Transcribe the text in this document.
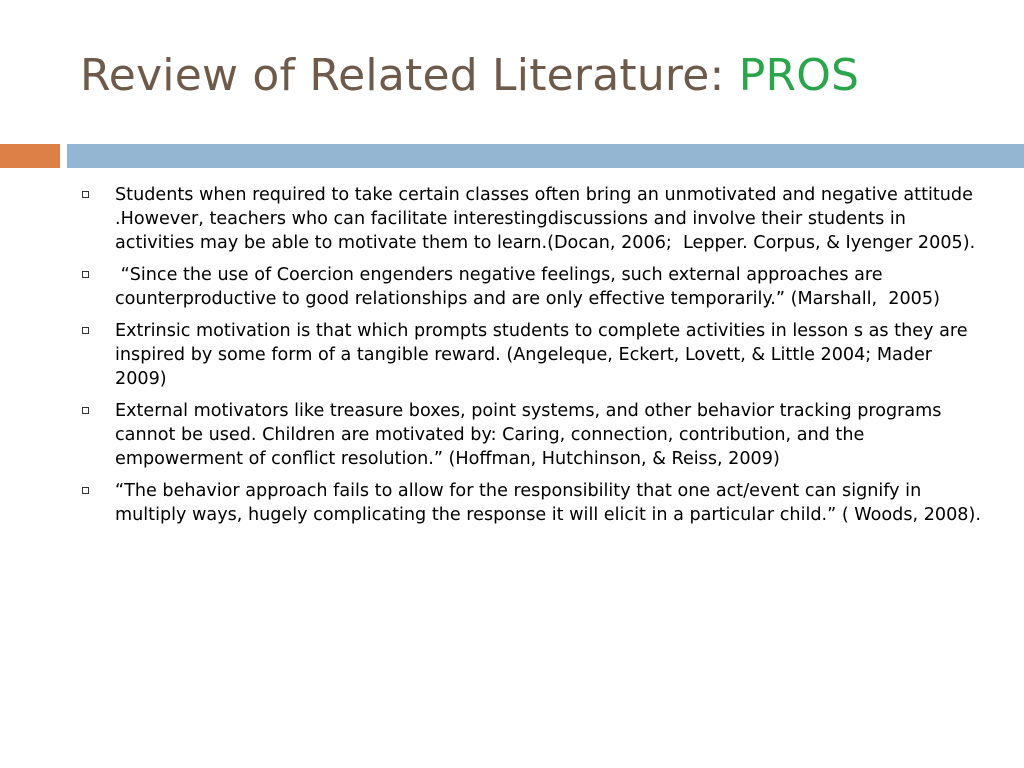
Review of Related Literature: PROS
Students when required to take certain classes often bring an unmotivated and negative attitude .However, teachers who can facilitate interestingdiscussions and involve their students in activities may be able to motivate them to learn.(Docan, 2006;  Lepper. Corpus, & Iyenger 2005).
“Since the use of Coercion engenders negative feelings, such external approaches are counterproductive to good relationships and are only effective temporarily.” (Marshall,  2005)
Extrinsic motivation is that which prompts students to complete activities in lesson s as they are inspired by some form of a tangible reward. (Angeleque, Eckert, Lovett, & Little 2004; Mader 2009)
External motivators like treasure boxes, point systems, and other behavior tracking programs cannot be used. Children are motivated by: Caring, connection, contribution, and the empowerment of conflict resolution.” (Hoffman, Hutchinson, & Reiss, 2009)
“The behavior approach fails to allow for the responsibility that one act/event can signify in multiply ways, hugely complicating the response it will elicit in a particular child.” ( Woods, 2008).
